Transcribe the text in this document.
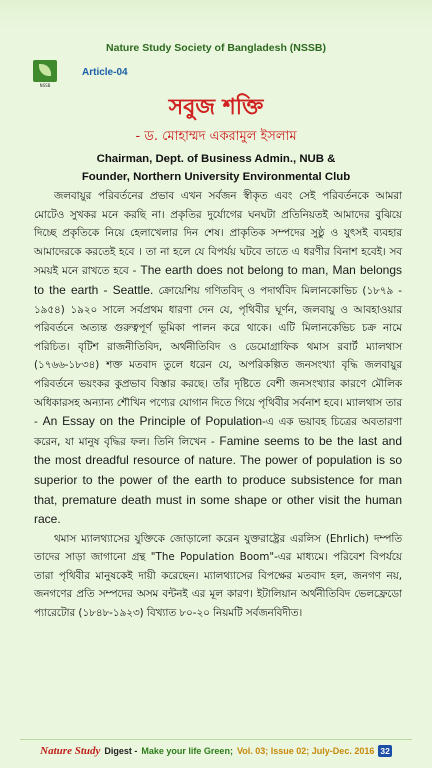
Nature Study Society of Bangladesh (NSSB)
NSSB
Article-04
সবুজ শক্তি
- ড. মোহাম্মদ একরামুল ইসলাম
Chairman, Dept. of Business Admin., NUB &
Founder, Northern University Environmental Club

জলবায়ুর পরিবর্তনের প্রভাব এখন সর্বজন স্বীকৃত এবং সেই পরিবর্তনকে আমরা মোটেও সুখকর মনে করছি না। প্রকৃতির দুর্যোগের ঘনঘটা প্রতিনিয়তই আমাদের বুঝিয়ে দিচ্ছে প্রকৃতিকে নিয়ে হেলাখেলার দিন শেষ। প্রাকৃতিক সম্পদের সুষ্ঠু ও যুৎসই ব্যবহার আমাদেরকে করতেই হবে । তা না হলে যে বিপর্যয় ঘটবে তাতে এ ধরণীর বিনাশ হবেই। সব সময়ই মনে রাখতে হবে - The earth does not belong to man, Man belongs to the earth - Seattle. ক্রোয়েশিয় গণিতবিদ্ ও পদার্থবিদ মিলানকোভিচ (১৮৭৯ - ১৯৫৪) ১৯২০ সালে সর্বপ্রথম ধারণা দেন যে, পৃথিবীর ঘূর্ণন, জলবায়ু ও আবহাওয়ার পরিবর্তনে অত্যন্ত গুরুত্বপূর্ণ ভূমিকা পালন করে থাকে। এটি মিলানকেভিচ চক্র নামে পরিচিত। বৃটিশ রাজনীতিবিদ, অর্থনীতিবিদ ও ডেমোগ্রাফিক থমাস রবার্ট ম্যালথাস (১৭৬৬-১৮৩৪) শক্ত মতবাদ তুলে ধরেন যে, অপরিকল্পিত জনসংখ্যা বৃদ্ধি জলবায়ুর পরিবর্তনে ভয়ংকর কুপ্রভাব বিস্তার করছে। তাঁর দৃষ্টিতে বেশী জনসংখ্যার কারণে মৌলিক অধিকারসহ অন্যান্য শৌখিন পণ্যের যোগান দিতে গিয়ে পৃথিবীর সর্বনাশ হবে। ম্যালথাস তার - An Essay on the Principle of Population-এ এক ভয়াবহ চিত্রের অবতারণা করেন, যা মানুষ বৃদ্ধির ফল। তিনি লিখেন - Famine seems to be the last and the most dreadful resource of nature. The power of population is so superior to the power of the earth to produce subsistence for man that, premature death must in some shape or other visit the human race.

থমাস ম্যালথ্যাসের যুক্তিকে জোড়ালো করেন যুক্তরাষ্ট্রের এরলিস (Ehrlich) দম্পতি তাদের সাড়া জাগানো গ্রন্থ "The Population Boom"-এর মাধ্যমে। পরিবেশ বিপর্যয়ে তারা পৃথিবীর মানুষকেই দায়ী করেছেন। ম্যালথ্যাসের বিপক্ষের মতবাদ হল, জনগণ নয়, জনগণের প্রতি সম্পদের অসম বন্টনই এর মূল কারণ। ইটালিয়ান অর্থনীতিবিদ ভেলফ্রেডো প্যারেটোর (১৮৪৮-১৯২৩) বিখ্যাত ৮০-২০ নিয়মটি সর্বজনবিদীত।

Nature Study Digest - Make your life Green; Vol. 03; Issue 02; July-Dec. 2016 32
